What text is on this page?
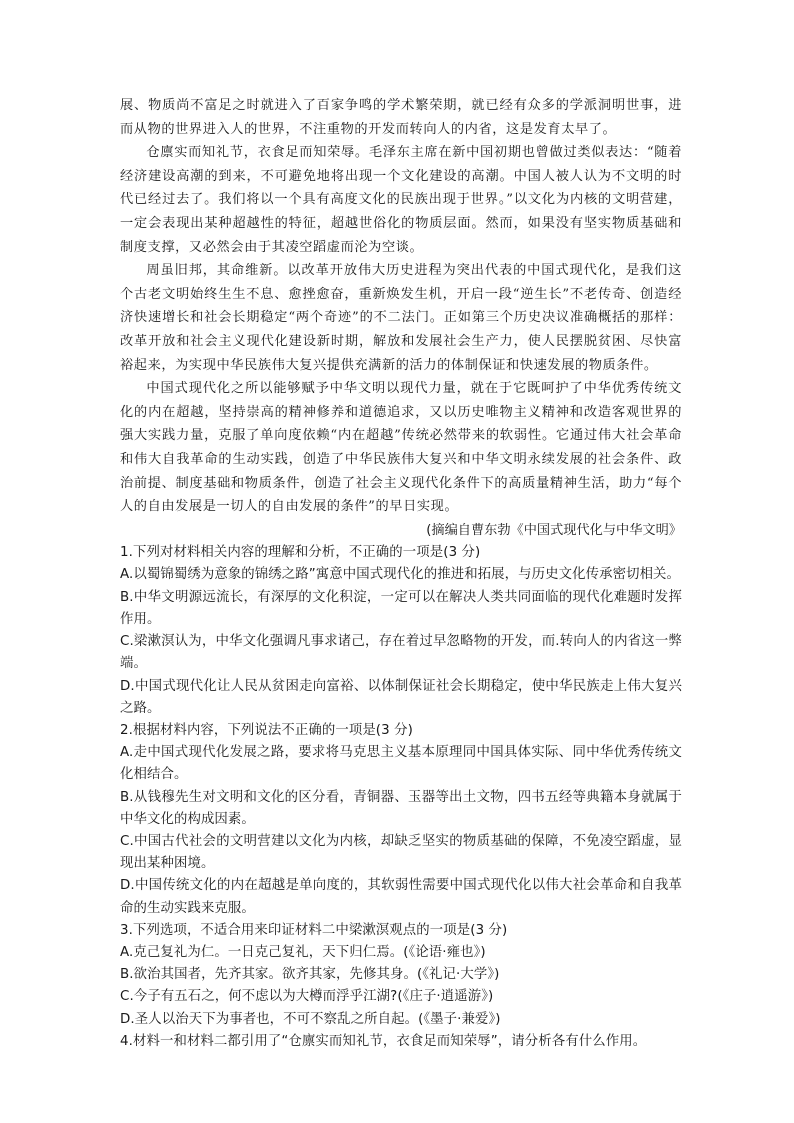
展、物质尚不富足之时就进入了百家争鸣的学术繁荣期，就已经有众多的学派洞明世事，进而从物的世界进入人的世界，不注重物的开发而转向人的内省，这是发育太早了。

仓廪实而知礼节，衣食足而知荣辱。毛泽东主席在新中国初期也曾做过类似表达：“随着经济建设高潮的到来，不可避免地将出现一个文化建设的高潮。中国人被人认为不文明的时代已经过去了。我们将以一个具有高度文化的民族出现于世界。”以文化为内核的文明营建，一定会表现出某种超越性的特征，超越世俗化的物质层面。然而，如果没有坚实物质基础和制度支撑，又必然会由于其凌空蹈虚而沦为空谈。

周虽旧邦，其命维新。以改革开放伟大历史进程为突出代表的中国式现代化，是我们这个古老文明始终生生不息、愈挫愈奋，重新焕发生机，开启一段“逆生长”不老传奇、创造经济快速增长和社会长期稳定“两个奇迹”的不二法门。正如第三个历史决议准确概括的那样：改革开放和社会主义现代化建设新时期，解放和发展社会生产力，使人民摆脱贫困、尽快富裕起来，为实现中华民族伟大复兴提供充满新的活力的体制保证和快速发展的物质条件。

中国式现代化之所以能够赋予中华文明以现代力量，就在于它既呵护了中华优秀传统文化的内在超越，坚持崇高的精神修养和道德追求，又以历史唯物主义精神和改造客观世界的强大实践力量，克服了单向度依赖“内在超越”传统必然带来的软弱性。它通过伟大社会革命和伟大自我革命的生动实践，创造了中华民族伟大复兴和中华文明永续发展的社会条件、政治前提、制度基础和物质条件，创造了社会主义现代化条件下的高质量精神生活，助力“每个人的自由发展是一切人的自由发展的条件”的早日实现。

(摘编自曹东勃《中国式现代化与中华文明》

1.下列对材料相关内容的理解和分析，不正确的一项是(3 分)

A.以蜀锦蜀绣为意象的锦绣之路”寓意中国式现代化的推进和拓展，与历史文化传承密切相关。

B.中华文明源远流长，有深厚的文化积淀，一定可以在解决人类共同面临的现代化难题时发挥作用。

C.梁漱溟认为，中华文化强调凡事求诸己，存在着过早忽略物的开发，而.转向人的内省这一弊端。

D.中国式现代化让人民从贫困走向富裕、以体制保证社会长期稳定，使中华民族走上伟大复兴之路。

2.根据材料内容，下列说法不正确的一项是(3 分)

A.走中国式现代化发展之路，要求将马克思主义基本原理同中国具体实际、同中华优秀传统文化相结合。

B.从钱穆先生对文明和文化的区分看，青铜器、玉器等出土文物，四书五经等典籍本身就属于中华文化的构成因素。

C.中国古代社会的文明营建以文化为内核，却缺乏坚实的物质基础的保障，不免凌空蹈虚，显现出某种困境。

D.中国传统文化的内在超越是单向度的，其软弱性需要中国式现代化以伟大社会革命和自我革命的生动实践来克服。

3.下列选项，不适合用来印证材料二中梁漱溟观点的一项是(3 分)

A.克己复礼为仁。一日克己复礼，天下归仁焉。(《论语·雍也》)

B.欲治其国者，先齐其家。欲齐其家，先修其身。(《礼记·大学》)

C.今子有五石之，何不虑以为大樽而浮乎江湖?(《庄子·逍遥游》)

D.圣人以治天下为事者也，不可不察乱之所自起。(《墨子·兼爱》)

4.材料一和材料二都引用了“仓廪实而知礼节，衣食足而知荣辱”，请分析各有什么作用。
